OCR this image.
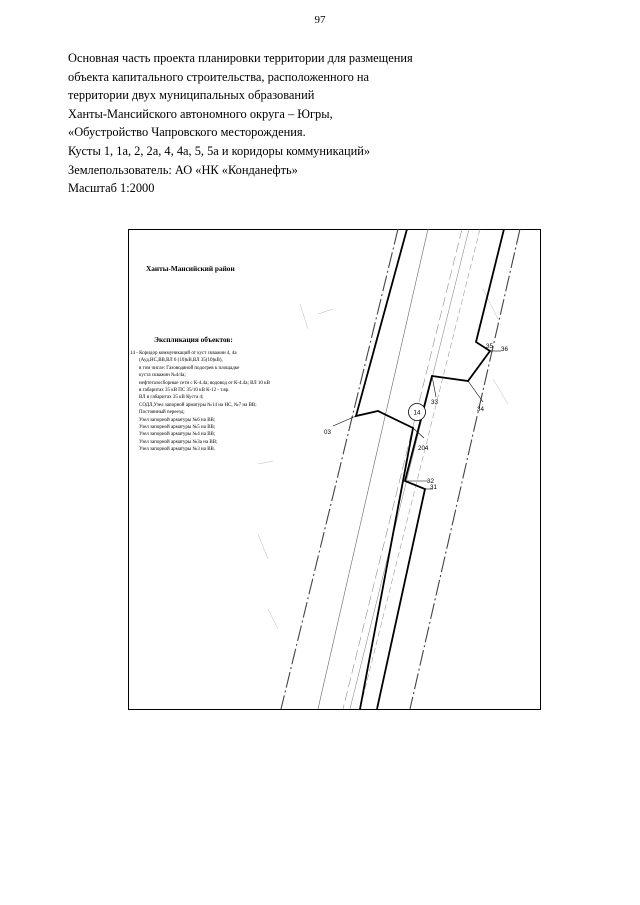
97
Основная часть проекта планировки территории для размещения
объекта капитального строительства, расположенного на
территории двух муниципальных образований
Ханты-Мансийского автономного округа – Югры,
«Обустройство Чапровского месторождения.
Кусты 1, 1а, 2, 2а, 4, 4а, 5, 5а и коридоры коммуникаций»
Землепользователь: АО «НК «Конданефть»
Масштаб 1:2000
14
35 36
33
34
03
204
32
31
Ханты-Мансийский район
Экспликация объектов:
14 - Коридор коммуникаций от куст скважин 4, 4а
(Ауд.НС,ВВ,ВЛ 6 (10)кВ,ВЛ 35(10)кВ),
в том числе: Газоводяной подогрев к площадке
куста скважин №4/4а;
нефтегазосборные сети с К-4.4а; водовод от К-4.4а; ВЛ 10 кВ
в габаритах 35 кВ ПС 35/10 кВ К-12 - т.вр.
ВЛ в габаритах 35 кВ Куста 4;
СОДЛ,Узел запорной арматуры №14 на НС, №7 на ВВ;
Постоянный переезд;
Узел запорной арматуры №6 на ВВ;
Узел запорной арматуры №5 на ВВ;
Узел запорной арматуры №4 на ВВ;
Узел запорной арматуры №3а на ВВ;
Узел запорной арматуры №3 на ВВ.
